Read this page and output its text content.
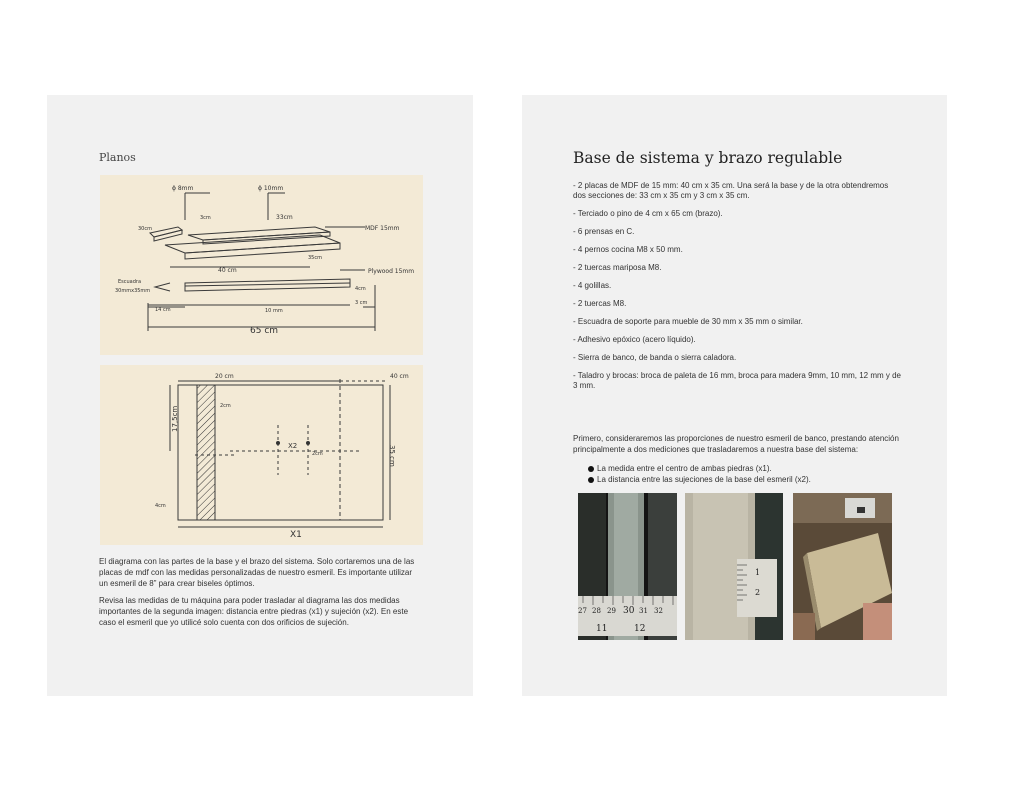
Planos
ϕ 8mm	ϕ 10mm
30cm
3cm	33cm
MDF 15mm
35cm
40 cm	Plywood 15mm
Escuadra
30mmx35mm	4cm
14 cm
3 cm
10 mm
65 cm
20 cm	40 cm
2cm
17,5cm
X2
2cm	35 cm
4cm
X1
El diagrama con las partes de la base y el brazo del sistema. Solo cortaremos una de las placas de mdf con las medidas personalizadas de nuestro esmeril. Es importante utilizar un esmeril de 8” para crear biseles óptimos.
Revisa las medidas de tu máquina para poder trasladar al diagrama las dos medidas importantes de la segunda imagen: distancia entre piedras (x1) y sujeción (x2). En este caso el esmeril que yo utilicé solo cuenta con dos orificios de sujeción.
Base de sistema y brazo regulable
- 2 placas de MDF de 15 mm: 40 cm x 35 cm. Una será la base y de la otra obtendremos dos secciones de: 33 cm x 35 cm y 3 cm x 35 cm.
- Terciado o pino de 4 cm x 65 cm (brazo).
- 6 prensas en C.
- 4 pernos cocina M8 x 50 mm.
- 2 tuercas mariposa M8.
- 4 golillas.
- 2 tuercas M8.
- Escuadra de soporte para mueble de 30 mm x 35 mm o similar.
- Adhesivo epóxico (acero líquido).
- Sierra de banco, de banda o sierra caladora.
- Taladro y brocas: broca de paleta de 16 mm, broca para madera 9mm, 10 mm, 12 mm y de 3 mm.
Primero, consideraremos las proporciones de nuestro esmeril de banco, prestando atención principalmente a dos mediciones que trasladaremos a nuestra base del sistema:
La medida entre el centro de ambas piedras (x1).
La distancia entre las sujeciones de la base del esmeril (x2).
27 28 29 30 31 32
11	12
1
2
